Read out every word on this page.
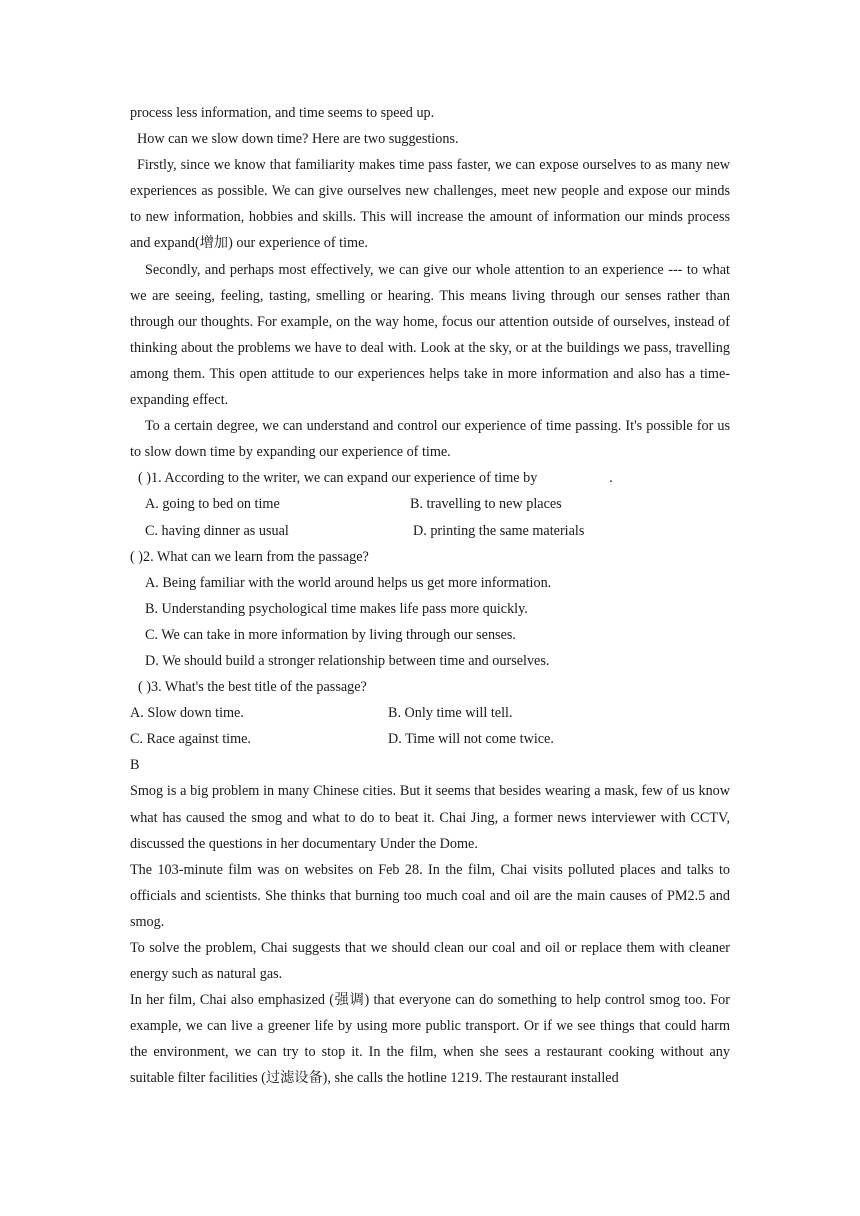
process less information, and time seems to speed up.

How can we slow down time? Here are two suggestions.

Firstly, since we know that familiarity makes time pass faster, we can expose ourselves to as many new experiences as possible. We can give ourselves new challenges, meet new people and expose our minds to new information, hobbies and skills. This will increase the amount of information our minds process and expand(增加) our experience of time.

Secondly, and perhaps most effectively, we can give our whole attention to an experience --- to what we are seeing, feeling, tasting, smelling or hearing. This means living through our senses rather than through our thoughts. For example, on the way home, focus our attention outside of ourselves, instead of thinking about the problems we have to deal with. Look at the sky, or at the buildings we pass, travelling among them. This open attitude to our experiences helps take in more information and also has a time-expanding effect.

To a certain degree, we can understand and control our experience of time passing. It's possible for us to slow down time by expanding our experience of time.

( )1. According to the writer, we can expand our experience of time by	.

A. going to bed on time	B. travelling to new places
C. having dinner as usual	D. printing the same materials

( )2. What can we learn from the passage?

A. Being familiar with the world around helps us get more information.

B. Understanding psychological time makes life pass more quickly.

C. We can take in more information by living through our senses.

D. We should build a stronger relationship between time and ourselves.

( )3. What's the best title of the passage?

A. Slow down time.	B. Only time will tell.
C. Race against time.	D. Time will not come twice.

B

Smog is a big problem in many Chinese cities. But it seems that besides wearing a mask, few of us know what has caused the smog and what to do to beat it. Chai Jing, a former news interviewer with CCTV, discussed the questions in her documentary Under the Dome.

The 103-minute film was on websites on Feb 28. In the film, Chai visits polluted places and talks to officials and scientists. She thinks that burning too much coal and oil are the main causes of PM2.5 and smog.

To solve the problem, Chai suggests that we should clean our coal and oil or replace them with cleaner energy such as natural gas.

In her film, Chai also emphasized (强调) that everyone can do something to help control smog too. For example, we can live a greener life by using more public transport. Or if we see things that could harm the environment, we can try to stop it. In the film, when she sees a restaurant cooking without any suitable filter facilities (过滤设备), she calls the hotline 1219. The restaurant installed
